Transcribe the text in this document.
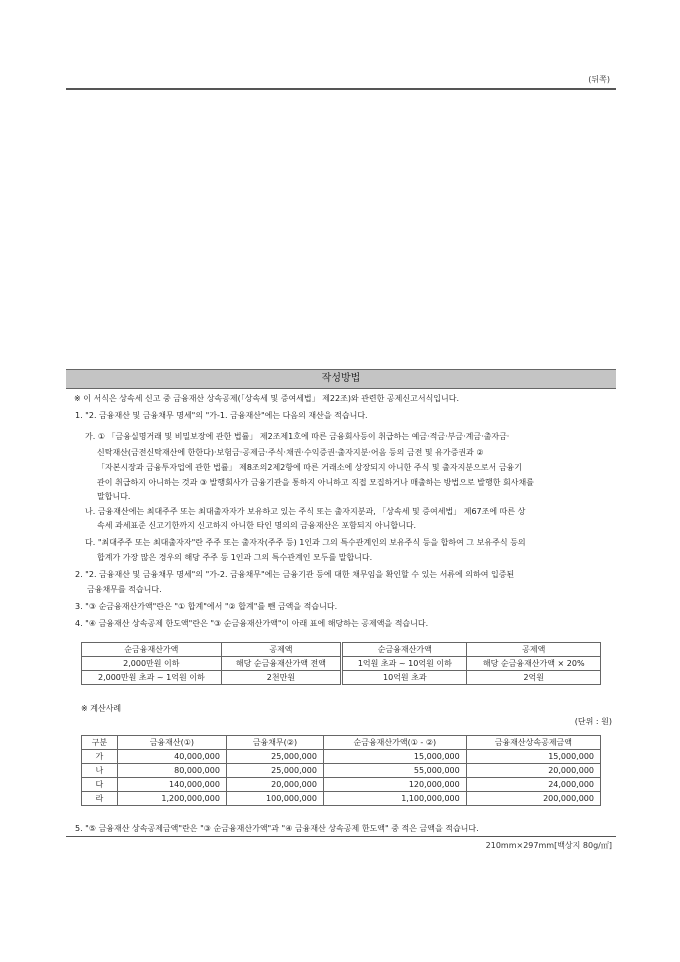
(뒤쪽)
작성방법
※ 이 서식은 상속세 신고 중 금융재산 상속공제(「상속세 및 증여세법」 제22조)와 관련한 공제신고서식입니다.
1. "2. 금융재산 및 금융채무 명세"의 "가-1. 금융재산"에는 다음의 재산을 적습니다.
가. ① 「금융실명거래 및 비밀보장에 관한 법률」 제2조제1호에 따른 금융회사등이 취급하는 예금·적금·부금·계금·출자금·
신탁재산(금전신탁재산에 한한다)·보험금·공제금·주식·채권·수익증권·출자지분·어음 등의 금전 및 유가증권과 ②
「자본시장과 금융투자업에 관한 법률」 제8조의2제2항에 따른 거래소에 상장되지 아니한 주식 및 출자지분으로서 금융기
관이 취급하지 아니하는 것과 ③ 발행회사가 금융기관을 통하지 아니하고 직접 모집하거나 매출하는 방법으로 발행한 회사채를
말합니다.
나. 금융재산에는 최대주주 또는 최대출자자가 보유하고 있는 주식 또는 출자지분과, 「상속세 및 증여세법」 제67조에 따른 상
속세 과세표준 신고기한까지 신고하지 아니한 타인 명의의 금융재산은 포함되지 아니합니다.
다. "최대주주 또는 최대출자자"란 주주 또는 출자자(주주 등) 1인과 그의 특수관계인의 보유주식 등을 합하여 그 보유주식 등의
합계가 가장 많은 경우의 해당 주주 등 1인과 그의 특수관계인 모두를 말합니다.
2. "2. 금융재산 및 금융채무 명세"의 "가-2. 금융채무"에는 금융기관 등에 대한 채무임을 확인할 수 있는 서류에 의하여 입증된
금융채무를 적습니다.
3. "③ 순금융재산가액"란은 "① 합계"에서 "② 합계"를 뺀 금액을 적습니다.
4. "④ 금융재산 상속공제 한도액"란은 "③ 순금융재산가액"이 아래 표에 해당하는 공제액을 적습니다.
순금융재산가액	공제액	순금융재산가액	공제액
2,000만원 이하	해당 순금융재산가액 전액	1억원 초과 ~ 10억원 이하	해당 순금융재산가액 × 20%
2,000만원 초과 ~ 1억원 이하	2천만원	10억원 초과	2억원
※ 계산사례
(단위 : 원)
구분	금융재산(①)	금융채무(②)	순금융재산가액(① - ②)	금융재산상속공제금액
가	40,000,000	25,000,000	15,000,000	15,000,000
나	80,000,000	25,000,000	55,000,000	20,000,000
다	140,000,000	20,000,000	120,000,000	24,000,000
라	1,200,000,000	100,000,000	1,100,000,000	200,000,000
5. "⑤ 금융재산 상속공제금액"란은 "③ 순금융재산가액"과 "④ 금융재산 상속공제 한도액" 중 적은 금액을 적습니다.
210mm×297mm[백상지 80g/㎡]
